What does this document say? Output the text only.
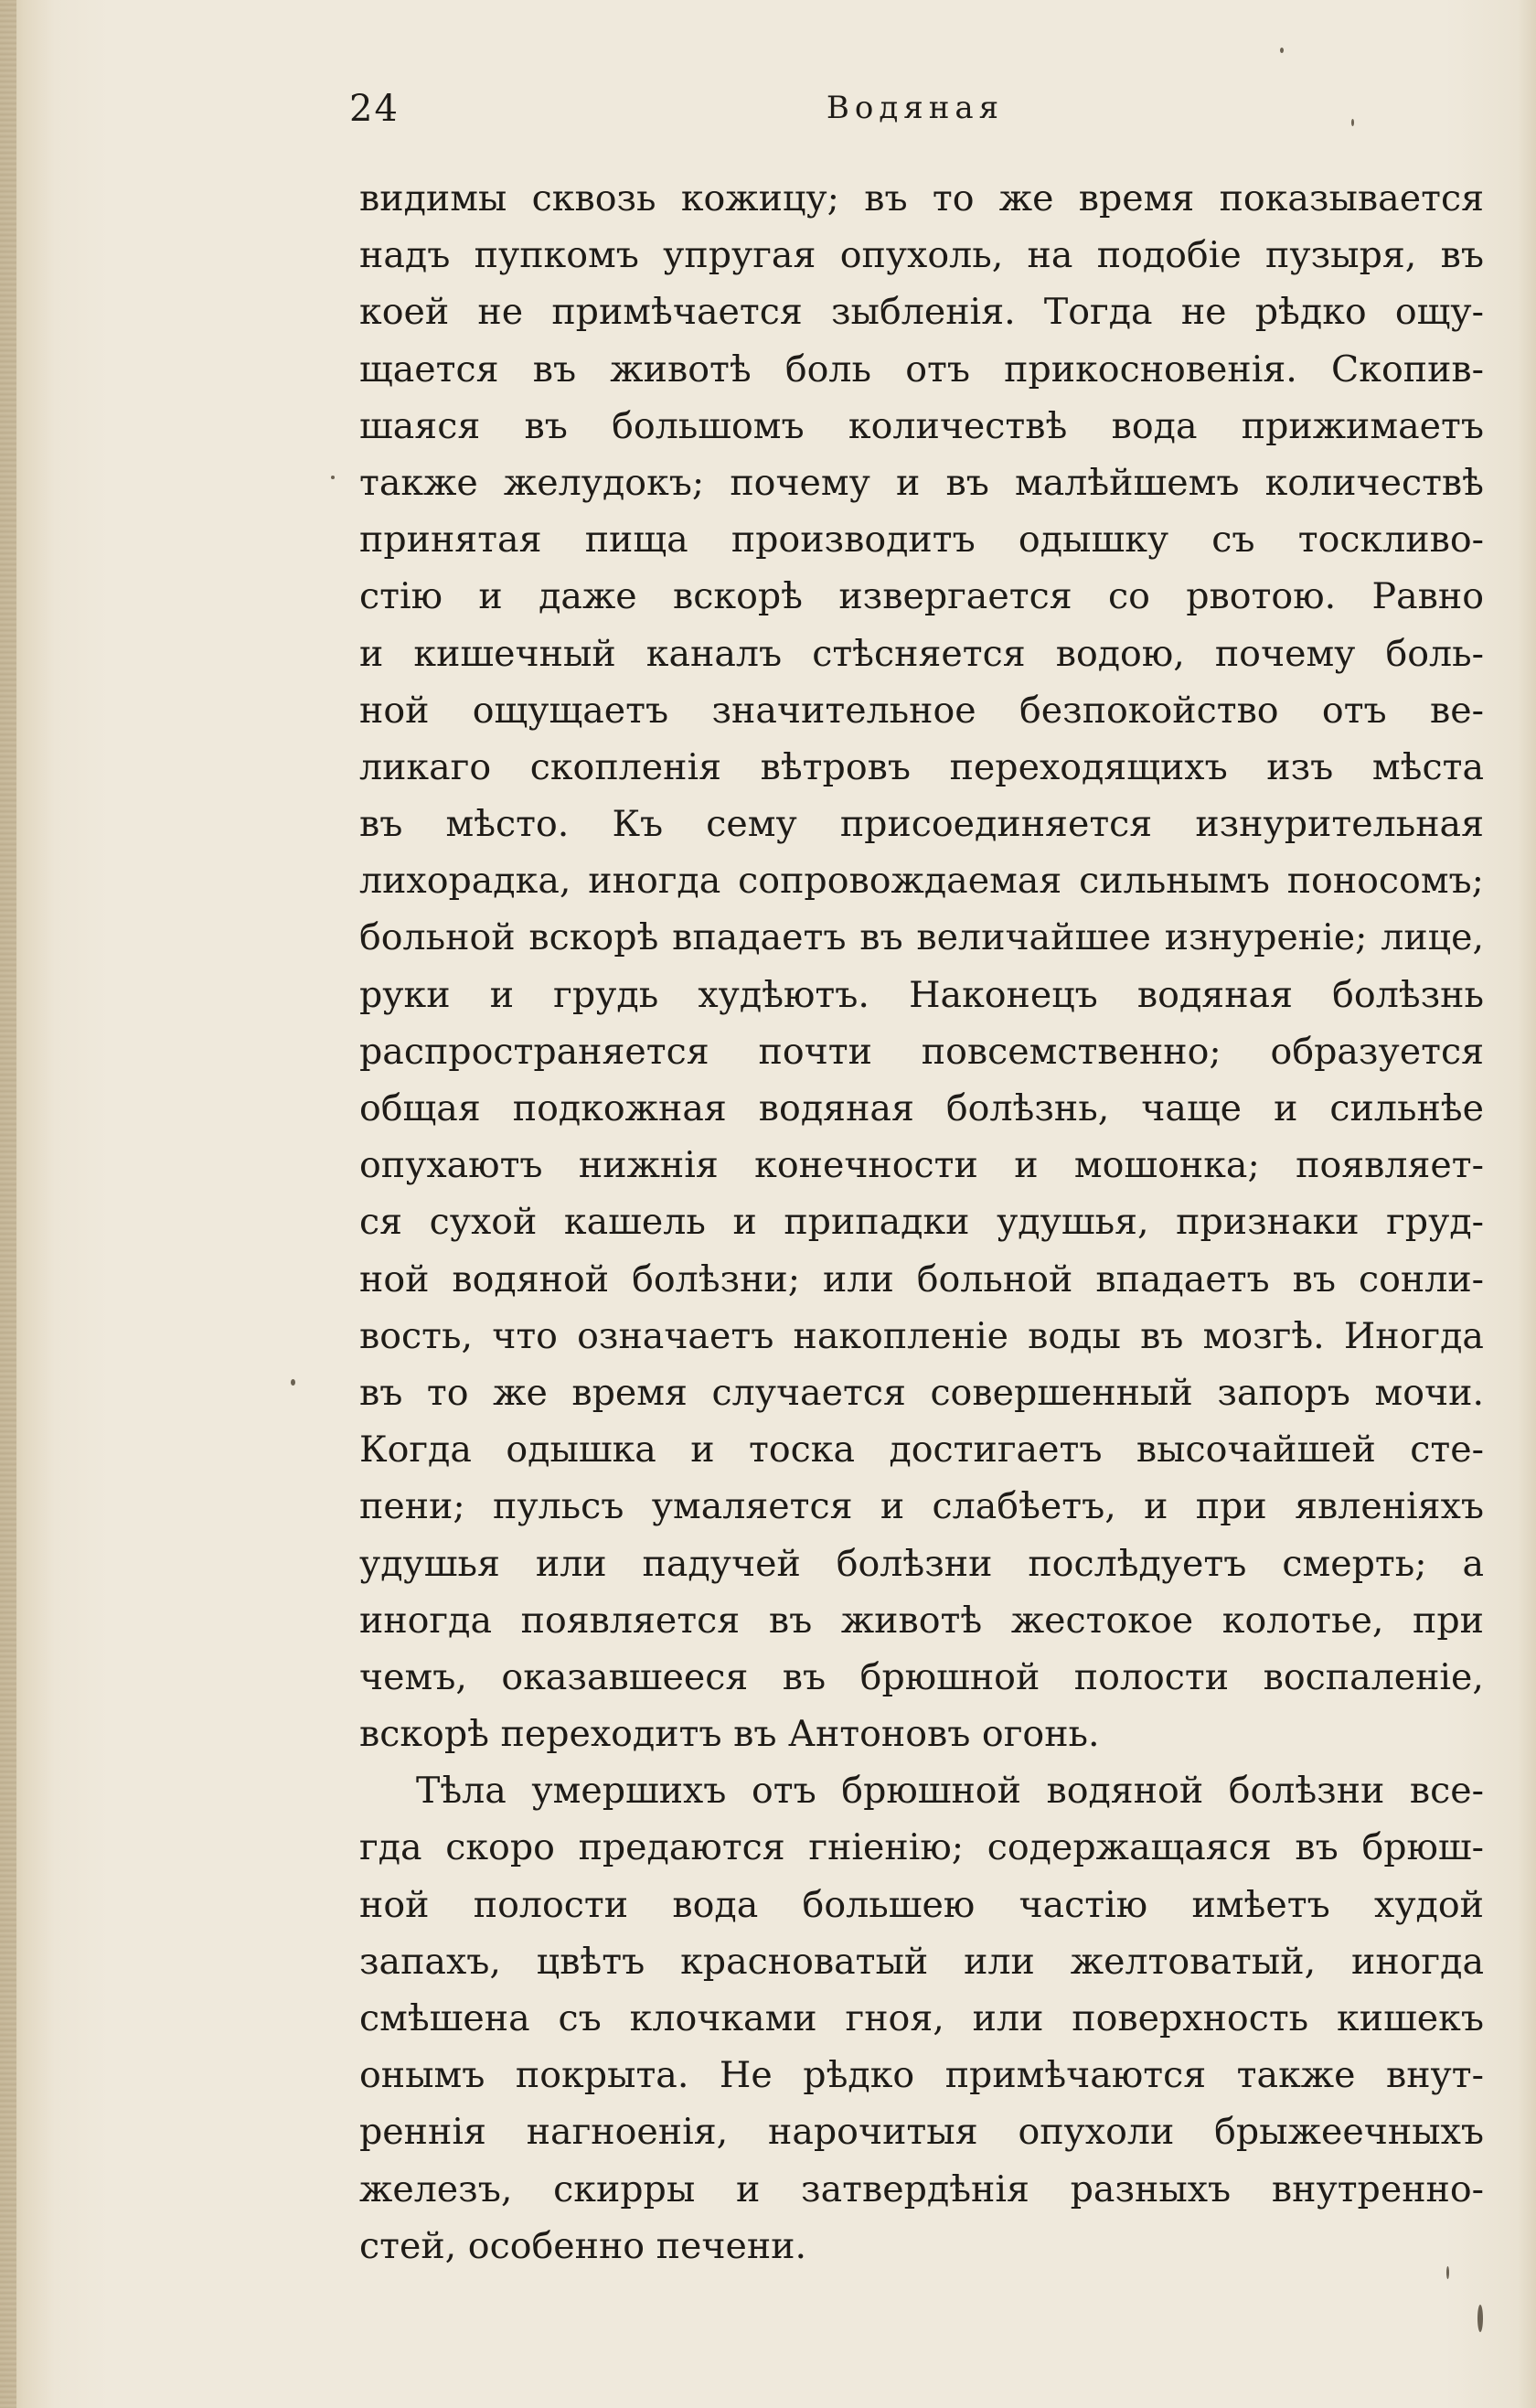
24	Водяная
видимы сквозь кожицу; въ то же время показывается
надъ пупкомъ упругая опухоль, на подобіе пузыря, въ
коей не примѣчается зыбленія. Тогда не рѣдко ощу-
щается въ животѣ боль отъ прикосновенія. Скопив-
шаяся въ большомъ количествѣ вода прижимаетъ
также желудокъ; почему и въ малѣйшемъ количествѣ
принятая пища производитъ одышку съ тоскливо-
стію и даже вскорѣ извергается со рвотою. Равно
и кишечный каналъ стѣсняется водою, почему боль-
ной ощущаетъ значительное безпокойство отъ ве-
ликаго скопленія вѣтровъ переходящихъ изъ мѣста
въ мѣсто. Къ сему присоединяется изнурительная
лихорадка, иногда сопровождаемая сильнымъ поносомъ;
больной вскорѣ впадаетъ въ величайшее изнуреніе; лице,
руки и грудь худѣютъ. Наконецъ водяная болѣзнь
распространяется почти повсемственно; образуется
общая подкожная водяная болѣзнь, чаще и сильнѣе
опухаютъ нижнія конечности и мошонка; появляет-
ся сухой кашель и припадки удушья, признаки груд-
ной водяной болѣзни; или больной впадаетъ въ сонли-
вость, что означаетъ накопленіе воды въ мозгѣ. Иногда
въ то же время случается совершенный запоръ мочи.
Когда одышка и тоска достигаетъ высочайшей сте-
пени; пульсъ умаляется и слабѣетъ, и при явленіяхъ
удушья или падучей болѣзни послѣдуетъ смерть; а
иногда появляется въ животѣ жестокое колотье, при
чемъ, оказавшееся въ брюшной полости воспаленіе,
вскорѣ переходитъ въ Антоновъ огонь.
Тѣла умершихъ отъ брюшной водяной болѣзни все-
гда скоро предаются гніенію; содержащаяся въ брюш-
ной полости вода большею частію имѣетъ худой
запахъ, цвѣтъ красноватый или желтоватый, иногда
смѣшена съ клочками гноя, или поверхность кишекъ
онымъ покрыта. Не рѣдко примѣчаются также внут-
реннія нагноенія, нарочитыя опухоли брыжеечныхъ
железъ, скирры и затвердѣнія разныхъ внутренно-
стей, особенно печени.
